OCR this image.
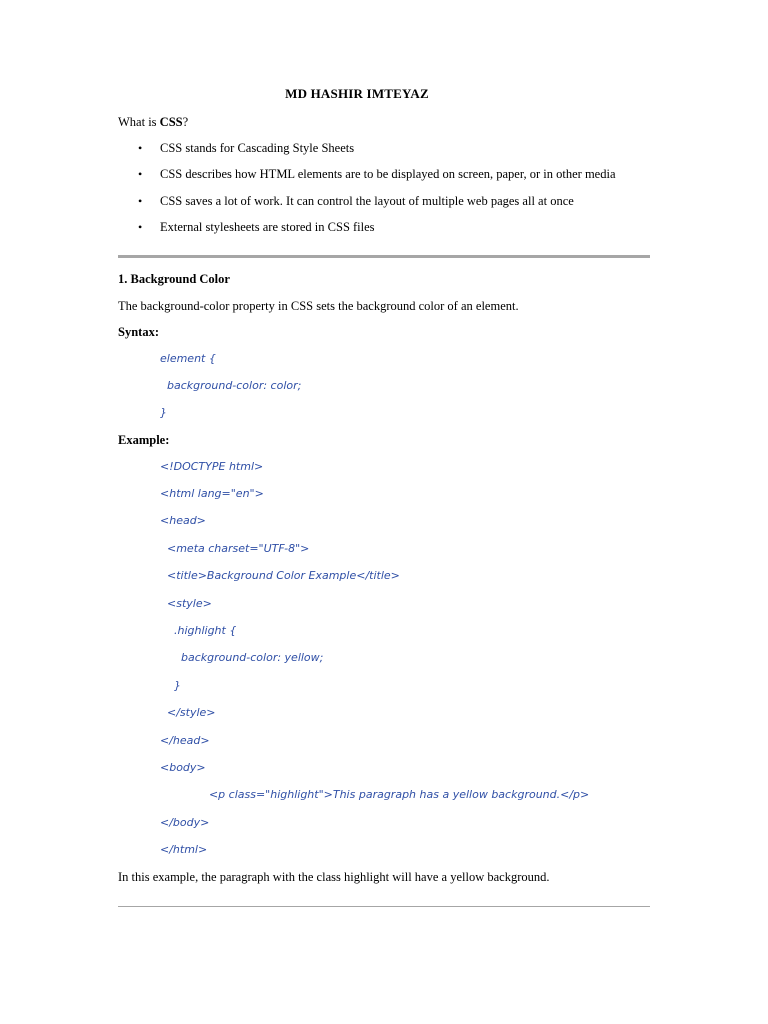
MD HASHIR IMTEYAZ
What is CSS?
• CSS stands for Cascading Style Sheets
• CSS describes how HTML elements are to be displayed on screen, paper, or in other media
• CSS saves a lot of work. It can control the layout of multiple web pages all at once
• External stylesheets are stored in CSS files
1. Background Color
The background-color property in CSS sets the background color of an element.
Syntax:
element {
background-color: color;
}
Example:
<!DOCTYPE html>
<html lang="en">
<head>
<meta charset="UTF-8">
<title>Background Color Example</title>
<style>
.highlight {
background-color: yellow;
}
</style>
</head>
<body>
<p class="highlight">This paragraph has a yellow background.</p>
</body>
</html>
In this example, the paragraph with the class highlight will have a yellow background.
